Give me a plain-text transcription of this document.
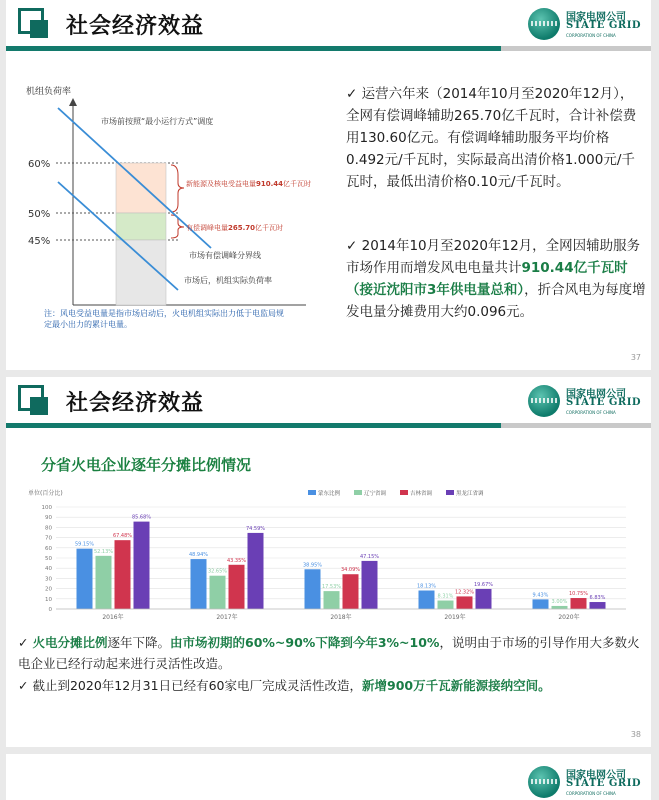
社会经济效益	国家电网公司
STATE GRID
CORPORATION OF CHINA
机组负荷率
60%
50%
45%
市场前按照“最小运行方式”调度
新能源及核电受益电量910.44亿千瓦时
有偿调峰电量265.70亿千瓦时
市场有偿调峰分界线
市场后，机组实际负荷率
注：风电受益电量是指市场启动后，火电机组实际出力低于电监局规定最小出力的累计电量。
✓ 运营六年来（2014年10月至2020年12月），全网有偿调峰辅助265.70亿千瓦时，合计补偿费用130.60亿元。有偿调峰辅助服务平均价格0.492元/千瓦时，实际最高出清价格1.000元/千瓦时，最低出清价格0.10元/千瓦时。
✓ 2014年10月至2020年12月，全网因辅助服务市场作用而增发风电电量共计910.44亿千瓦时（接近沈阳市3年供电量总和），折合风电为每度增发电量分摊费用大约0.096元。
37
社会经济效益	国家电网公司
STATE GRID
CORPORATION OF CHINA
分省火电企业逐年分摊比例情况
单位(百分比)
0
10
20
30
40
50
60
70
80
90
100
蒙东比例	辽宁省调	吉林省调	黑龙江省调
59.15%
52.13%
67.48%
85.68%
2016年
48.94%
32.65%
43.35%
74.59%
2017年
38.95%
17.53%
34.09%
47.15%
2018年
18.13%
8.31%
12.32%
19.67%
2019年
9.43%
3.00%
10.75%
6.83%
2020年
✓ 火电分摊比例逐年下降。由市场初期的60%~90%下降到今年3%~10%，说明由于市场的引导作用大多数火电企业已经行动起来进行灵活性改造。
✓ 截止到2020年12月31日已经有60家电厂完成灵活性改造，新增900万千瓦新能源接纳空间。
38
国家电网公司
STATE GRID
CORPORATION OF CHINA
